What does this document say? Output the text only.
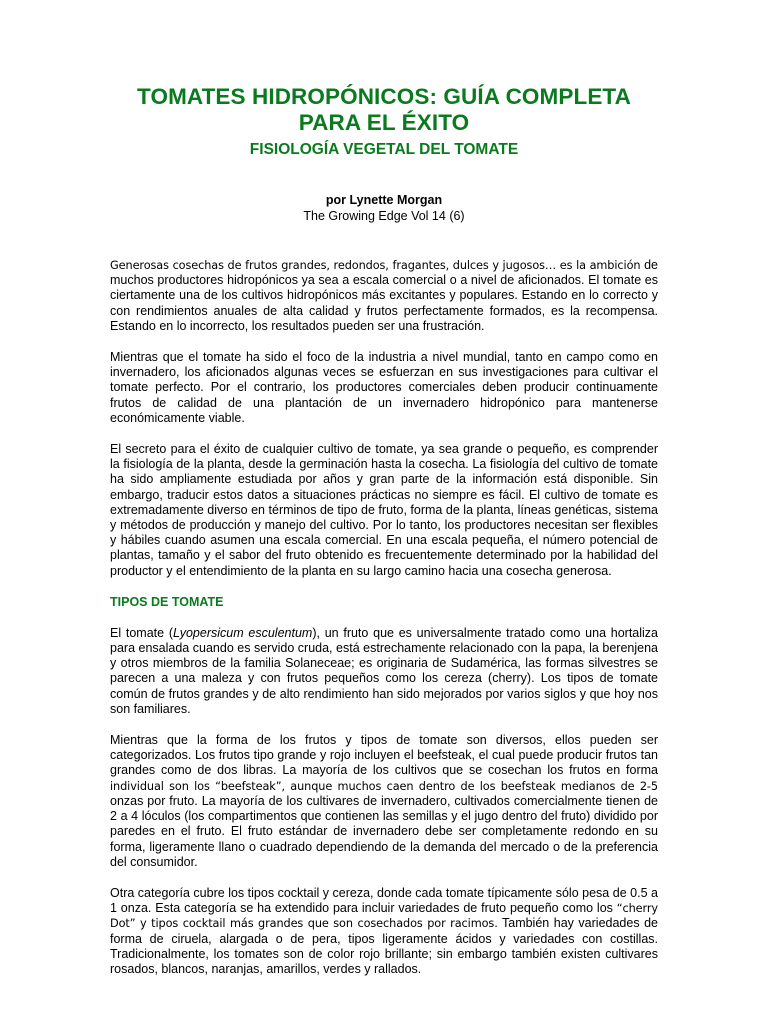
TOMATES HIDROPÓNICOS: GUÍA COMPLETA PARA EL ÉXITO
FISIOLOGÍA VEGETAL DEL TOMATE
por Lynette Morgan
The Growing Edge Vol 14 (6)

Generosas cosechas de frutos grandes, redondos, fragantes, dulces y jugosos… es la ambición de muchos productores hidropónicos ya sea a escala comercial o a nivel de aficionados. El tomate es ciertamente una de los cultivos hidropónicos más excitantes y populares. Estando en lo correcto y con rendimientos anuales de alta calidad y frutos perfectamente formados, es la recompensa. Estando en lo incorrecto, los resultados pueden ser una frustración.

Mientras que el tomate ha sido el foco de la industria a nivel mundial, tanto en campo como en invernadero, los aficionados algunas veces se esfuerzan en sus investigaciones para cultivar el tomate perfecto. Por el contrario, los productores comerciales deben producir continuamente frutos de calidad de una plantación de un invernadero hidropónico para mantenerse económicamente viable.

El secreto para el éxito de cualquier cultivo de tomate, ya sea grande o pequeño, es comprender la fisiología de la planta, desde la germinación hasta la cosecha. La fisiología del cultivo de tomate ha sido ampliamente estudiada por años y gran parte de la información está disponible. Sin embargo, traducir estos datos a situaciones prácticas no siempre es fácil. El cultivo de tomate es extremadamente diverso en términos de tipo de fruto, forma de la planta, líneas genéticas, sistema y métodos de producción y manejo del cultivo. Por lo tanto, los productores necesitan ser flexibles y hábiles cuando asumen una escala comercial. En una escala pequeña, el número potencial de plantas, tamaño y el sabor del fruto obtenido es frecuentemente determinado por la habilidad del productor y el entendimiento de la planta en su largo camino hacia una cosecha generosa.

TIPOS DE TOMATE

El tomate (Lyopersicum esculentum), un fruto que es universalmente tratado como una hortaliza para ensalada cuando es servido cruda, está estrechamente relacionado con la papa, la berenjena y otros miembros de la familia Solaneceae; es originaria de Sudamérica, las formas silvestres se parecen a una maleza y con frutos pequeños como los cereza (cherry). Los tipos de tomate común de frutos grandes y de alto rendimiento han sido mejorados por varios siglos y que hoy nos son familiares.

Mientras que la forma de los frutos y tipos de tomate son diversos, ellos pueden ser categorizados. Los frutos tipo grande y rojo incluyen el beefsteak, el cual puede producir frutos tan grandes como de dos libras. La mayoría de los cultivos que se cosechan los frutos en forma individual son los “beefsteak”, aunque muchos caen dentro de los beefsteak medianos de 2-5 onzas por fruto. La mayoría de los cultivares de invernadero, cultivados comercialmente tienen de 2 a 4 lóculos (los compartimentos que contienen las semillas y el jugo dentro del fruto) dividido por paredes en el fruto. El fruto estándar de invernadero debe ser completamente redondo en su forma, ligeramente llano o cuadrado dependiendo de la demanda del mercado o de la preferencia del consumidor.

Otra categoría cubre los tipos cocktail y cereza, donde cada tomate típicamente sólo pesa de 0.5 a 1 onza. Esta categoría se ha extendido para incluir variedades de fruto pequeño como los “cherry Dot” y tipos cocktail más grandes que son cosechados por racimos. También hay variedades de forma de ciruela, alargada o de pera, tipos ligeramente ácidos y variedades con costillas. Tradicionalmente, los tomates son de color rojo brillante; sin embargo también existen cultivares rosados, blancos, naranjas, amarillos, verdes y rallados.
